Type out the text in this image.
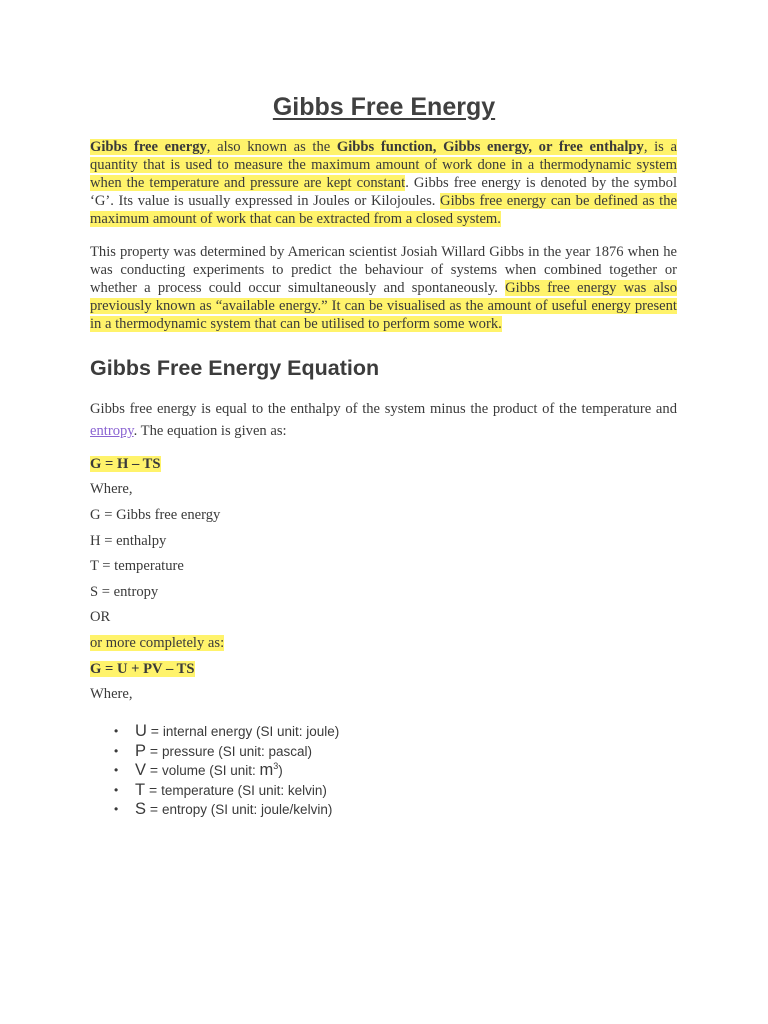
Gibbs Free Energy

Gibbs free energy, also known as the Gibbs function, Gibbs energy, or free enthalpy, is a quantity that is used to measure the maximum amount of work done in a thermodynamic system when the temperature and pressure are kept constant. Gibbs free energy is denoted by the symbol ‘G’. Its value is usually expressed in Joules or Kilojoules. Gibbs free energy can be defined as the maximum amount of work that can be extracted from a closed system.

This property was determined by American scientist Josiah Willard Gibbs in the year 1876 when he was conducting experiments to predict the behaviour of systems when combined together or whether a process could occur simultaneously and spontaneously. Gibbs free energy was also previously known as “available energy.” It can be visualised as the amount of useful energy present in a thermodynamic system that can be utilised to perform some work.

Gibbs Free Energy Equation

Gibbs free energy is equal to the enthalpy of the system minus the product of the temperature and entropy. The equation is given as:

G = H – TS

Where,

G = Gibbs free energy

H = enthalpy

T = temperature

S = entropy

OR

or more completely as:

G = U + PV – TS

Where,

• U = internal energy (SI unit: joule)
• P = pressure (SI unit: pascal)
• V = volume (SI unit: $m^3$)
• T = temperature (SI unit: kelvin)
• S = entropy (SI unit: joule/kelvin)
